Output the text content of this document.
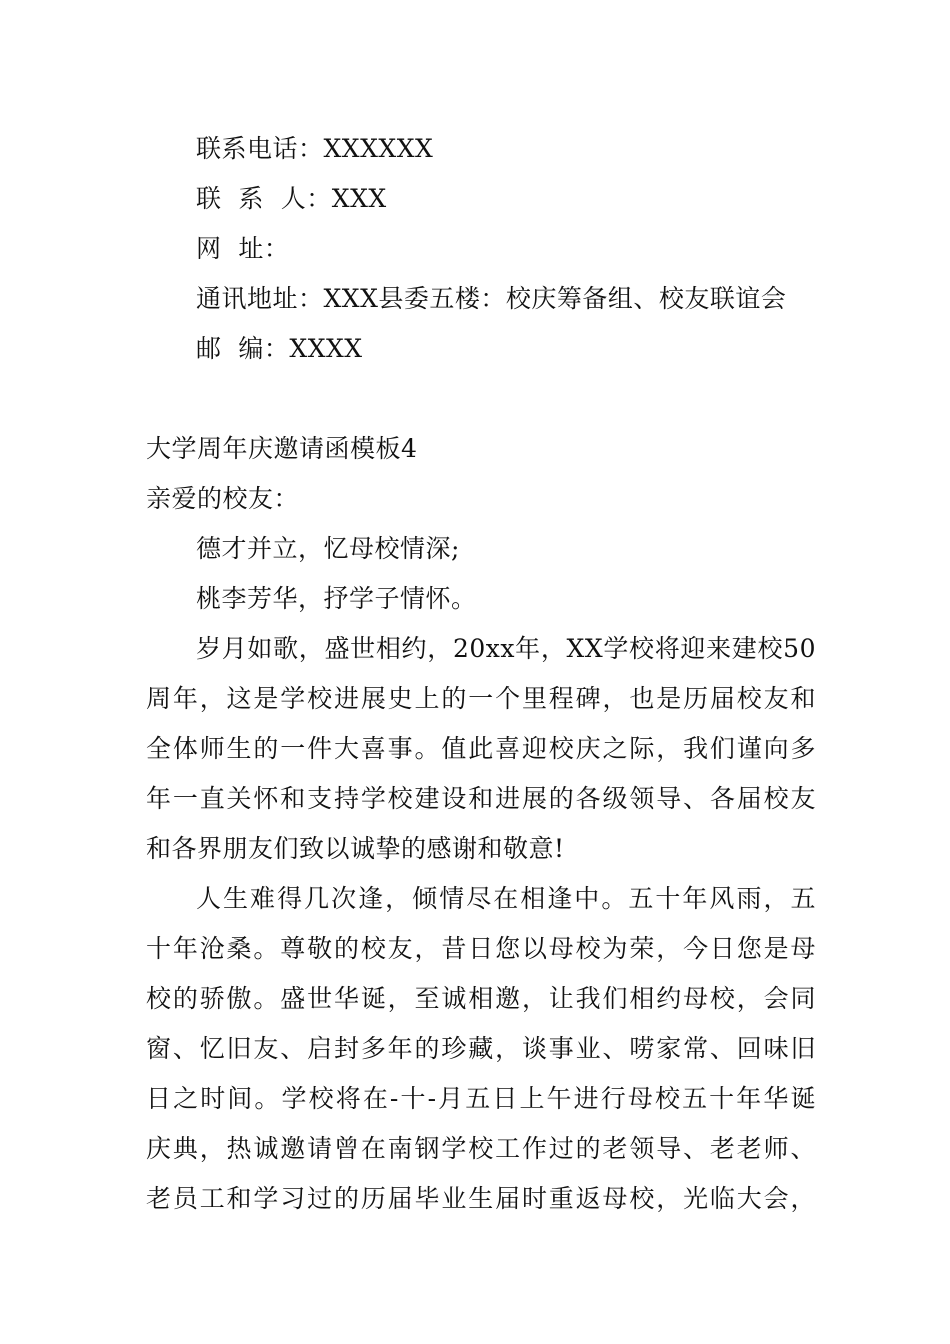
联系电话：XXXXXX
联  系  人：XXX
网  址：
通讯地址：XXX县委五楼：校庆筹备组、校友联谊会
邮  编：XXXX
大学周年庆邀请函模板4
亲爱的校友：
德才并立，忆母校情深;
桃李芳华，抒学子情怀。
岁月如歌，盛世相约，20xx年，XX学校将迎来建校50
周年，这是学校进展史上的一个里程碑，也是历届校友和
全体师生的一件大喜事。值此喜迎校庆之际，我们谨向多
年一直关怀和支持学校建设和进展的各级领导、各届校友
和各界朋友们致以诚挚的感谢和敬意!
人生难得几次逢，倾情尽在相逢中。五十年风雨，五
十年沧桑。尊敬的校友，昔日您以母校为荣，今日您是母
校的骄傲。盛世华诞，至诚相邀，让我们相约母校，会同
窗、忆旧友、启封多年的珍藏，谈事业、唠家常、回味旧
日之时间。学校将在-十-月五日上午进行母校五十年华诞
庆典，热诚邀请曾在南钢学校工作过的老领导、老老师、
老员工和学习过的历届毕业生届时重返母校，光临大会，
